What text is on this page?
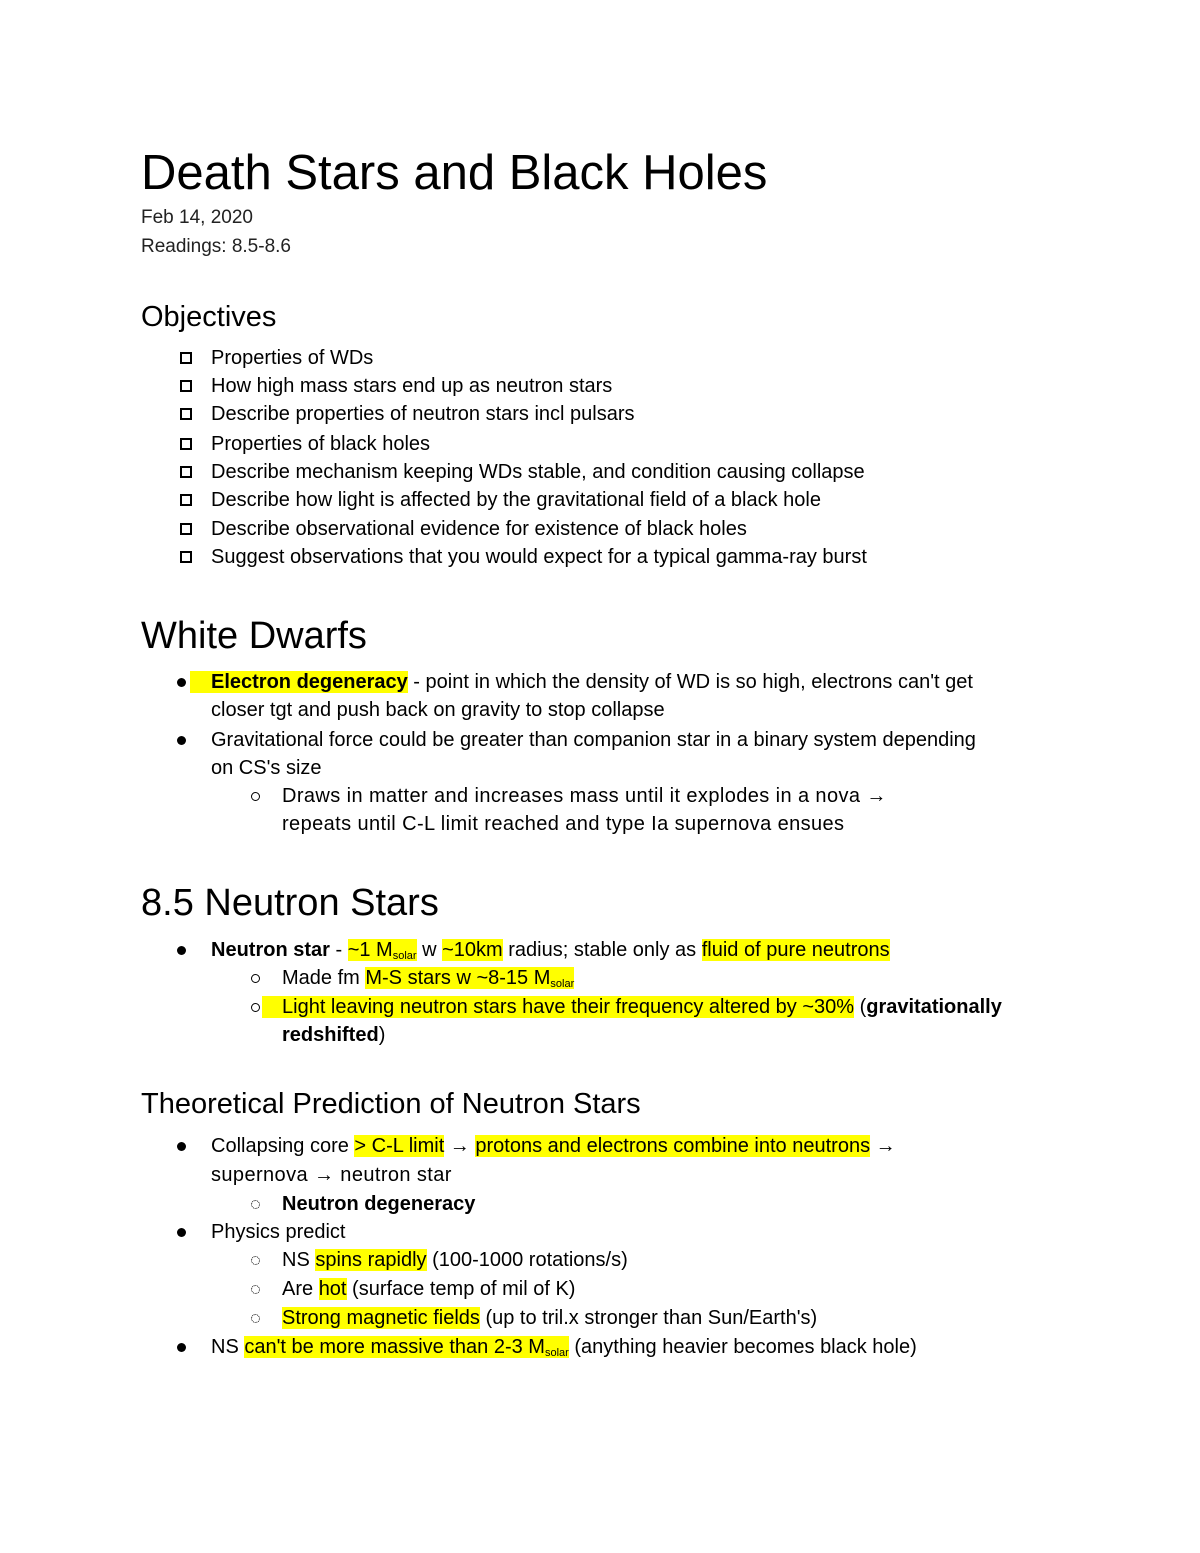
Death Stars and Black Holes
Feb 14, 2020
Readings: 8.5-8.6
Objectives
Properties of WDs
How high mass stars end up as neutron stars
Describe properties of neutron stars incl pulsars
Properties of black holes
Describe mechanism keeping WDs stable, and condition causing collapse
Describe how light is affected by the gravitational field of a black hole
Describe observational evidence for existence of black holes
Suggest observations that you would expect for a typical gamma-ray burst
White Dwarfs
Electron degeneracy - point in which the density of WD is so high, electrons can't get
closer tgt and push back on gravity to stop collapse
Gravitational force could be greater than companion star in a binary system depending
on CS's size
Draws in matter and increases mass until it explodes in a nova →
repeats until C-L limit reached and type Ia supernova ensues
8.5 Neutron Stars
Neutron star - ~1 $M_{solar}$ w ~10km radius; stable only as fluid of pure neutrons
Made fm M-S stars w ~8-15 $M_{solar}$
Light leaving neutron stars have their frequency altered by ~30% (gravitationally
redshifted)
Theoretical Prediction of Neutron Stars
Collapsing core > C-L limit → protons and electrons combine into neutrons →
supernova → neutron star
Neutron degeneracy
Physics predict
NS spins rapidly (100-1000 rotations/s)
Are hot (surface temp of mil of K)
Strong magnetic fields (up to tril.x stronger than Sun/Earth's)
NS can't be more massive than 2-3 $M_{solar}$ (anything heavier becomes black hole)
